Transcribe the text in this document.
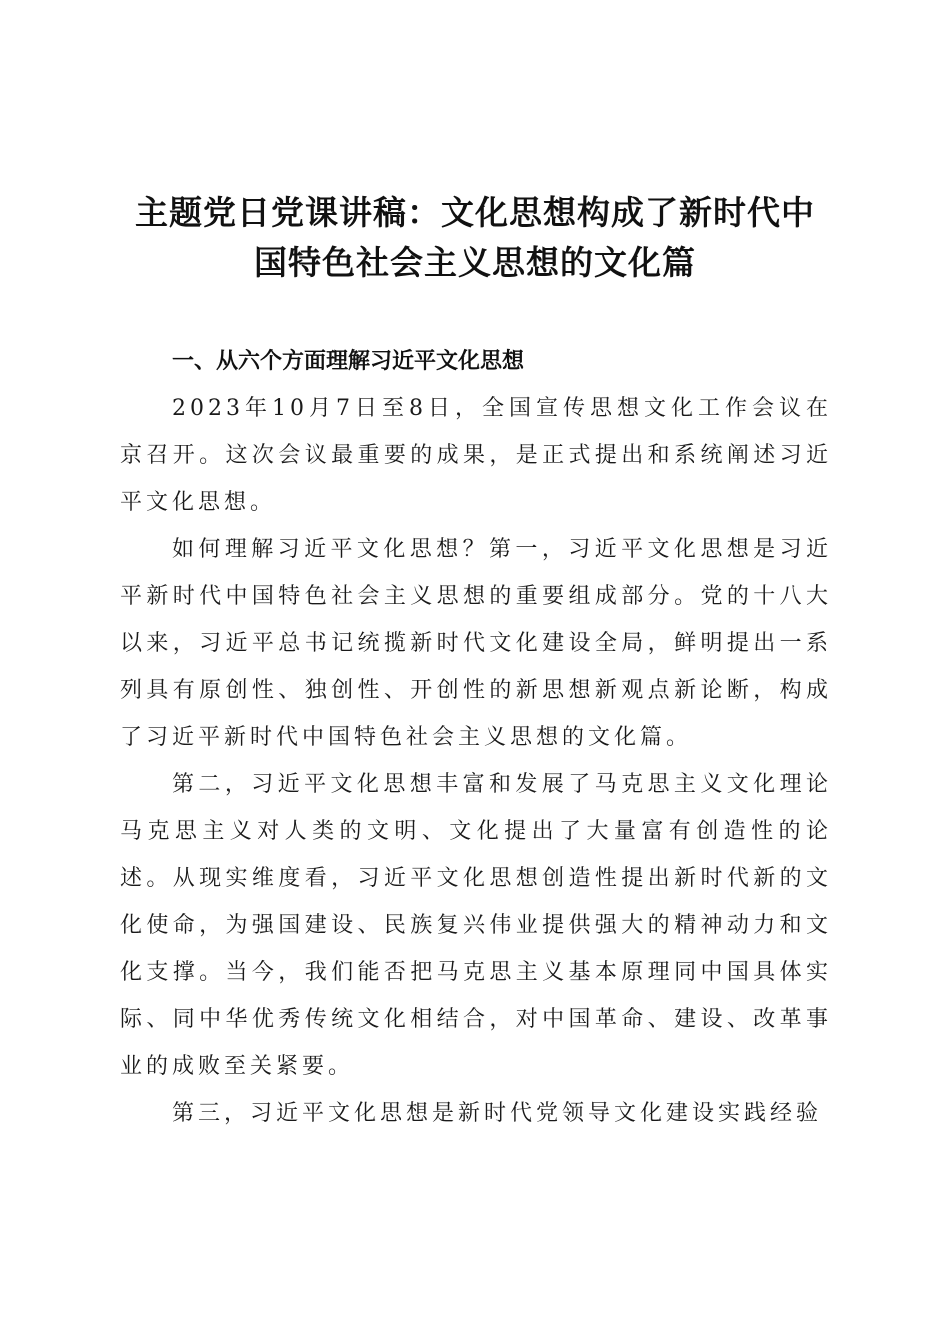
主题党日党课讲稿：文化思想构成了新时代中
国特色社会主义思想的文化篇

一、从六个方面理解习近平文化思想

2023年10月7日至8日，全国宣传思想文化工作会议在京召开。这次会议最重要的成果，是正式提出和系统阐述习近平文化思想。

如何理解习近平文化思想？第一，习近平文化思想是习近平新时代中国特色社会主义思想的重要组成部分。党的十八大以来，习近平总书记统揽新时代文化建设全局，鲜明提出一系列具有原创性、独创性、开创性的新思想新观点新论断，构成了习近平新时代中国特色社会主义思想的文化篇。

第二，习近平文化思想丰富和发展了马克思主义文化理论马克思主义对人类的文明、文化提出了大量富有创造性的论述。从现实维度看，习近平文化思想创造性提出新时代新的文化使命，为强国建设、民族复兴伟业提供强大的精神动力和文化支撑。当今，我们能否把马克思主义基本原理同中国具体实际、同中华优秀传统文化相结合，对中国革命、建设、改革事业的成败至关紧要。

第三，习近平文化思想是新时代党领导文化建设实践经验
